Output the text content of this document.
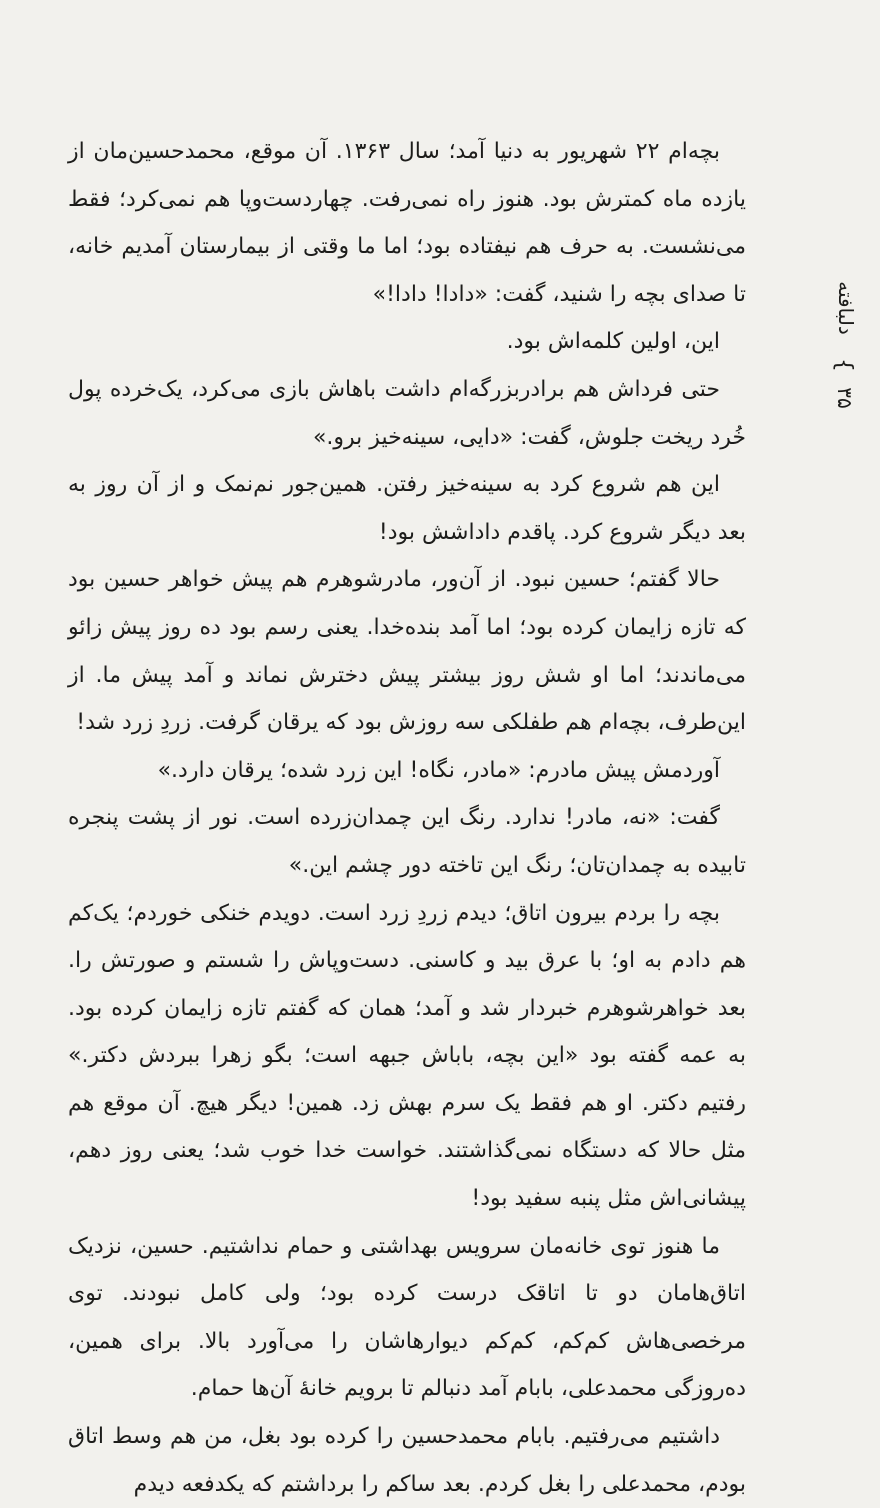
بچه‌ام ۲۲ شهریور به دنیا آمد؛ سال ۱۳۶۳. آن موقع، محمدحسین‌مان از یازده ماه کمترش بود. هنوز راه نمی‌رفت. چهاردست‌وپا هم نمی‌کرد؛ فقط می‌نشست. به حرف هم نیفتاده بود؛ اما ما وقتی از بیمارستان آمدیم خانه، تا صدای بچه را شنید، گفت: «دادا! دادا!»

این، اولین کلمه‌اش بود.

حتی فرداش هم برادربزرگه‌ام داشت باهاش بازی می‌کرد، یک‌خرده پول خُرد ریخت جلوش، گفت: «دایی، سینه‌خیز برو.»

این هم شروع کرد به سینه‌خیز رفتن. همین‌جور نم‌نمک و از آن روز به بعد دیگر شروع کرد. پاقدم داداشش بود!

حالا گفتم؛ حسین نبود. از آن‌ور، مادرشوهرم هم پیش خواهر حسین بود که تازه زایمان کرده بود؛ اما آمد بنده‌خدا. یعنی رسم بود ده روز پیش زائو می‌ماندند؛ اما او شش روز بیشتر پیش دخترش نماند و آمد پیش ما. از این‌طرف، بچه‌ام هم طفلکی سه روزش بود که یرقان گرفت. زردِ زرد شد!

آوردمش پیش مادرم: «مادر، نگاه! این زرد شده؛ یرقان دارد.»

گفت: «نه، مادر! ندارد. رنگ این چمدان‌زرده است. نور از پشت پنجره تابیده به چمدان‌تان؛ رنگ این تاخته دور چشم این.»

بچه را بردم بیرون اتاق؛ دیدم زردِ زرد است. دویدم خنکی خوردم؛ یک‌کم هم دادم به او؛ با عرق بید و کاسنی. دست‌وپاش را شستم و صورتش را. بعد خواهرشوهرم خبردار شد و آمد؛ همان که گفتم تازه زایمان کرده بود. به عمه گفته بود «این بچه، باباش جبهه است؛ بگو زهرا ببردش دکتر.» رفتیم دکتر. او هم فقط یک سرم بهش زد. همین! دیگر هیچ. آن موقع هم مثل حالا که دستگاه نمی‌گذاشتند. خواست خدا خوب شد؛ یعنی روز دهم، پیشانی‌اش مثل پنبه سفید بود!

ما هنوز توی خانه‌مان سرویس بهداشتی و حمام نداشتیم. حسین، نزدیک اتاق‌هامان دو تا اتاقک درست کرده بود؛ ولی کامل نبودند. توی مرخصی‌هاش کم‌کم، کم‌کم دیوارهاشان را می‌آورد بالا. برای همین، ده‌روزگی محمدعلی، بابام آمد دنبالم تا برویم خانهٔ آن‌ها حمام.

داشتیم می‌رفتیم. بابام محمدحسین را کرده بود بغل، من هم وسط اتاق بودم، محمدعلی را بغل کردم. بعد ساکم را برداشتم که یکدفعه دیدم

دلبافته
{
۳۵
